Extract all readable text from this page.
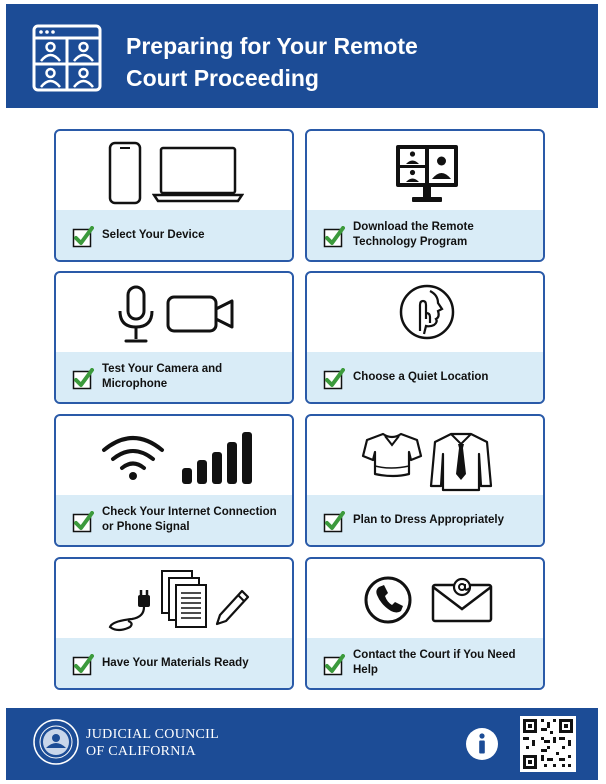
Preparing for Your Remote
Court Proceeding
Select Your Device
Download the Remote Technology Program
Test Your Camera and Microphone
Choose a Quiet Location
Check Your Internet Connection or Phone Signal
Plan to Dress Appropriately
Have Your Materials Ready
Contact the Court if You Need Help
JUDICIAL COUNCIL
OF CALIFORNIA
